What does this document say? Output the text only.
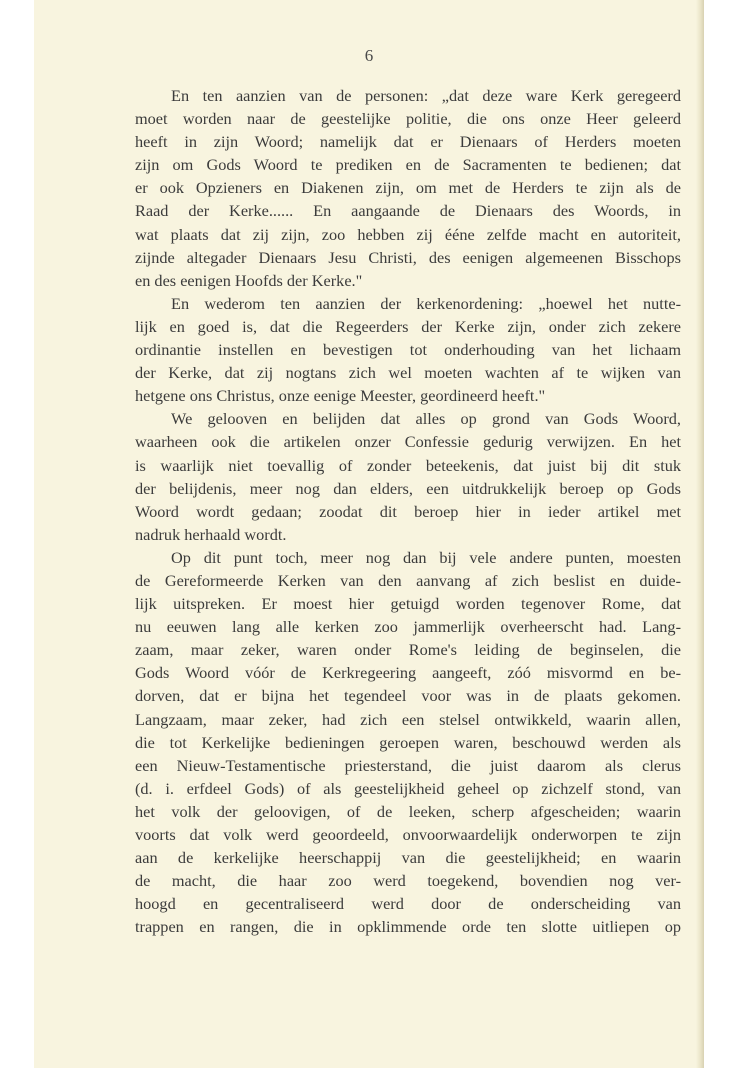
6
En ten aanzien van de personen: „dat deze ware Kerk geregeerd
moet worden naar de geestelijke politie, die ons onze Heer geleerd
heeft in zijn Woord; namelijk dat er Dienaars of Herders moeten
zijn om Gods Woord te prediken en de Sacramenten te bedienen; dat
er ook Opzieners en Diakenen zijn, om met de Herders te zijn als de
Raad der Kerke...... En aangaande de Dienaars des Woords, in
wat plaats dat zij zijn, zoo hebben zij ééne zelfde macht en autoriteit,
zijnde altegader Dienaars Jesu Christi, des eenigen algemeenen Bisschops
en des eenigen Hoofds der Kerke."
En wederom ten aanzien der kerkenordening: „hoewel het nutte-
lijk en goed is, dat die Regeerders der Kerke zijn, onder zich zekere
ordinantie instellen en bevestigen tot onderhouding van het lichaam
der Kerke, dat zij nogtans zich wel moeten wachten af te wijken van
hetgene ons Christus, onze eenige Meester, geordineerd heeft."
We gelooven en belijden dat alles op grond van Gods Woord,
waarheen ook die artikelen onzer Confessie gedurig verwijzen. En het
is waarlijk niet toevallig of zonder beteekenis, dat juist bij dit stuk
der belijdenis, meer nog dan elders, een uitdrukkelijk beroep op Gods
Woord wordt gedaan; zoodat dit beroep hier in ieder artikel met
nadruk herhaald wordt.
Op dit punt toch, meer nog dan bij vele andere punten, moesten
de Gereformeerde Kerken van den aanvang af zich beslist en duide-
lijk uitspreken. Er moest hier getuigd worden tegenover Rome, dat
nu eeuwen lang alle kerken zoo jammerlijk overheerscht had. Lang-
zaam, maar zeker, waren onder Rome's leiding de beginselen, die
Gods Woord vóór de Kerkregeering aangeeft, zóó misvormd en be-
dorven, dat er bijna het tegendeel voor was in de plaats gekomen.
Langzaam, maar zeker, had zich een stelsel ontwikkeld, waarin allen,
die tot Kerkelijke bedieningen geroepen waren, beschouwd werden als
een Nieuw-Testamentische priesterstand, die juist daarom als clerus
(d. i. erfdeel Gods) of als geestelijkheid geheel op zichzelf stond, van
het volk der geloovigen, of de leeken, scherp afgescheiden; waarin
voorts dat volk werd geoordeeld, onvoorwaardelijk onderworpen te zijn
aan de kerkelijke heerschappij van die geestelijkheid; en waarin
de macht, die haar zoo werd toegekend, bovendien nog ver-
hoogd en gecentraliseerd werd door de onderscheiding van
trappen en rangen, die in opklimmende orde ten slotte uitliepen op
